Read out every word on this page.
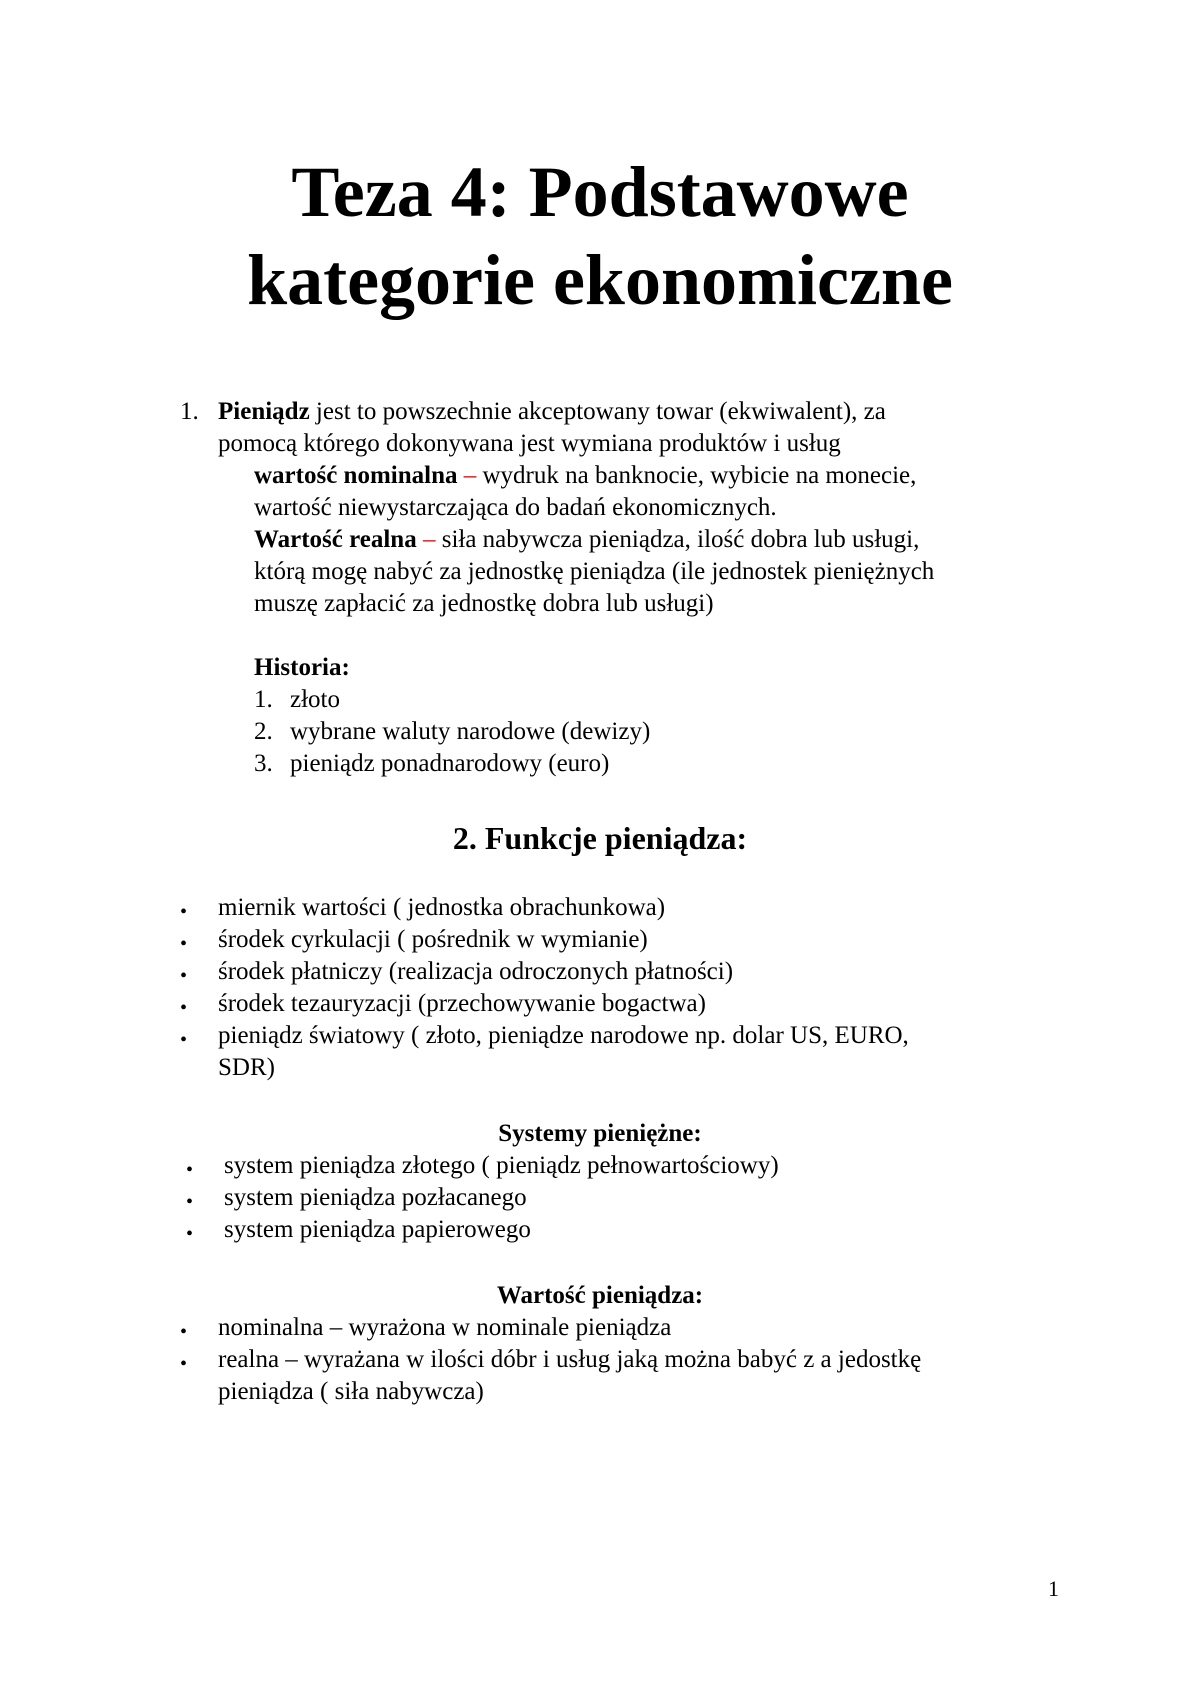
Teza 4: Podstawowe
kategorie ekonomiczne
1. Pieniądz jest to powszechnie akceptowany towar (ekwiwalent), za
pomocą którego dokonywana jest wymiana produktów i usług
wartość nominalna – wydruk na banknocie, wybicie na monecie,
wartość niewystarczająca do badań ekonomicznych.
Wartość realna – siła nabywcza pieniądza, ilość dobra lub usługi,
którą mogę nabyć za jednostkę pieniądza (ile jednostek pieniężnych
muszę zapłacić za jednostkę dobra lub usługi)
Historia:
1. złoto
2. wybrane waluty narodowe (dewizy)
3. pieniądz ponadnarodowy (euro)
2. Funkcje pieniądza:
• miernik wartości ( jednostka obrachunkowa)
• środek cyrkulacji ( pośrednik w wymianie)
• środek płatniczy (realizacja odroczonych płatności)
• środek tezauryzacji (przechowywanie bogactwa)
• pieniądz światowy ( złoto, pieniądze narodowe np. dolar US, EURO,
SDR)
Systemy pieniężne:
• system pieniądza złotego ( pieniądz pełnowartościowy)
• system pieniądza pozłacanego
• system pieniądza papierowego
Wartość pieniądza:
• nominalna – wyrażona w nominale pieniądza
• realna – wyrażana w ilości dóbr i usług jaką można babyć z a jedostkę
pieniądza ( siła nabywcza)
1
